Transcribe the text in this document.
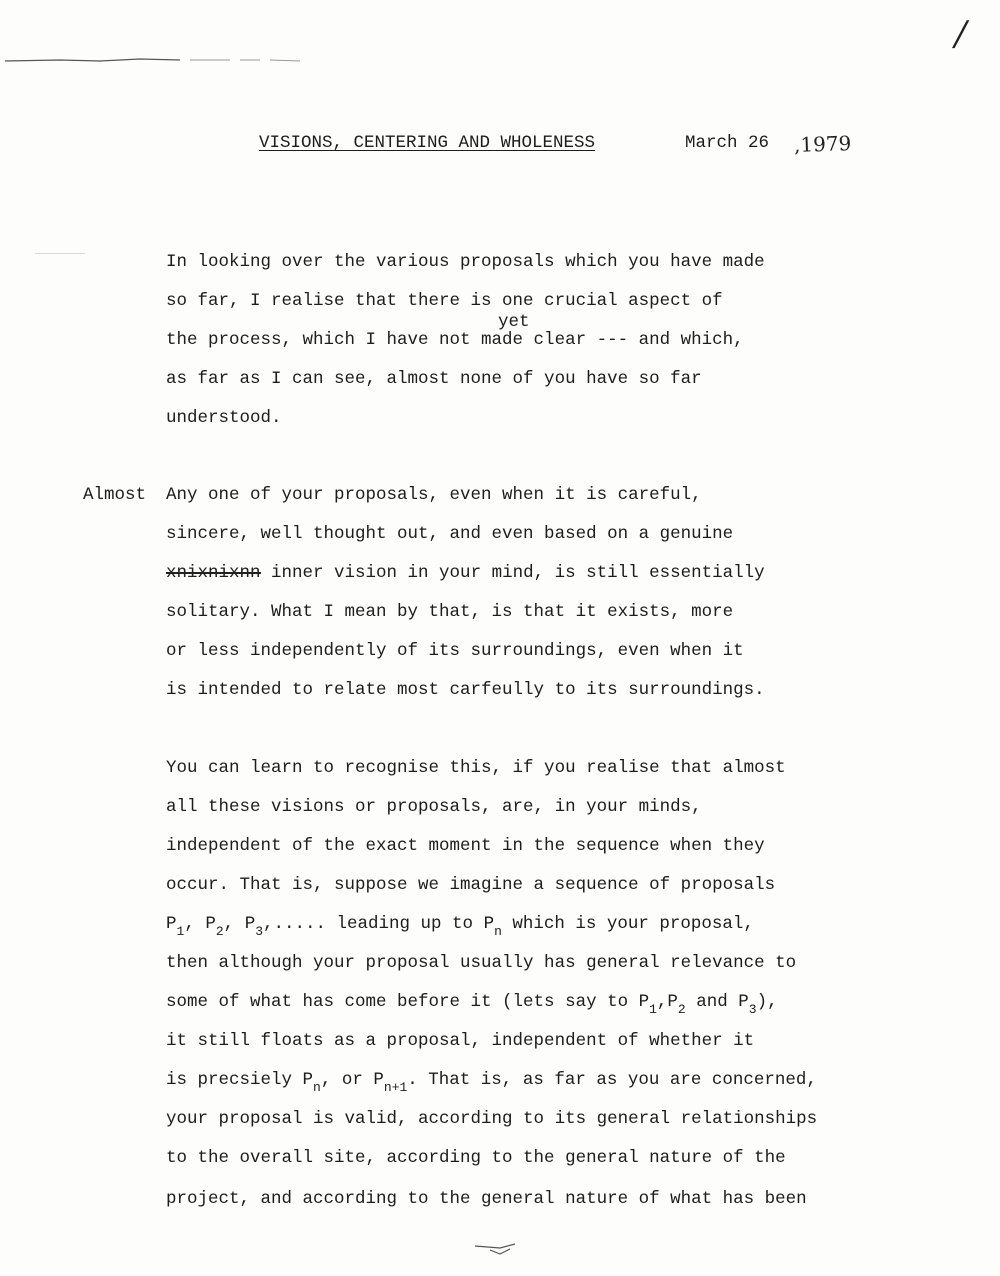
/
VISIONS, CENTERING AND WHOLENESS	March 26 ,1979
In looking over the various proposals which you have made
so far, I realise that there is one crucial aspect of
yet
the process, which I have not made clear --- and which,
as far as I can see, almost none of you have so far
understood.
Almost Any one of your proposals, even when it is careful,
sincere, well thought out, and even based on a genuine
xnixnixnn inner vision in your mind, is still essentially
solitary. What I mean by that, is that it exists, more
or less independently of its surroundings, even when it
is intended to relate most carfeully to its surroundings.
You can learn to recognise this, if you realise that almost
all these visions or proposals, are, in your minds,
independent of the exact moment in the sequence when they
occur. That is, suppose we imagine a sequence of proposals
$P_1$, $P_2$, $P_3$,..... leading up to $P_n$ which is your proposal,
then although your proposal usually has general relevance to
some of what has come before it (lets say to $P_1,P_2$ and $P_3$),
it still floats as a proposal, independent of whether it
is precsiely $P_n$, or $P_{n+1}$. That is, as far as you are concerned,
your proposal is valid, according to its general relationships
to the overall site, according to the general nature of the
project, and according to the general nature of what has been
